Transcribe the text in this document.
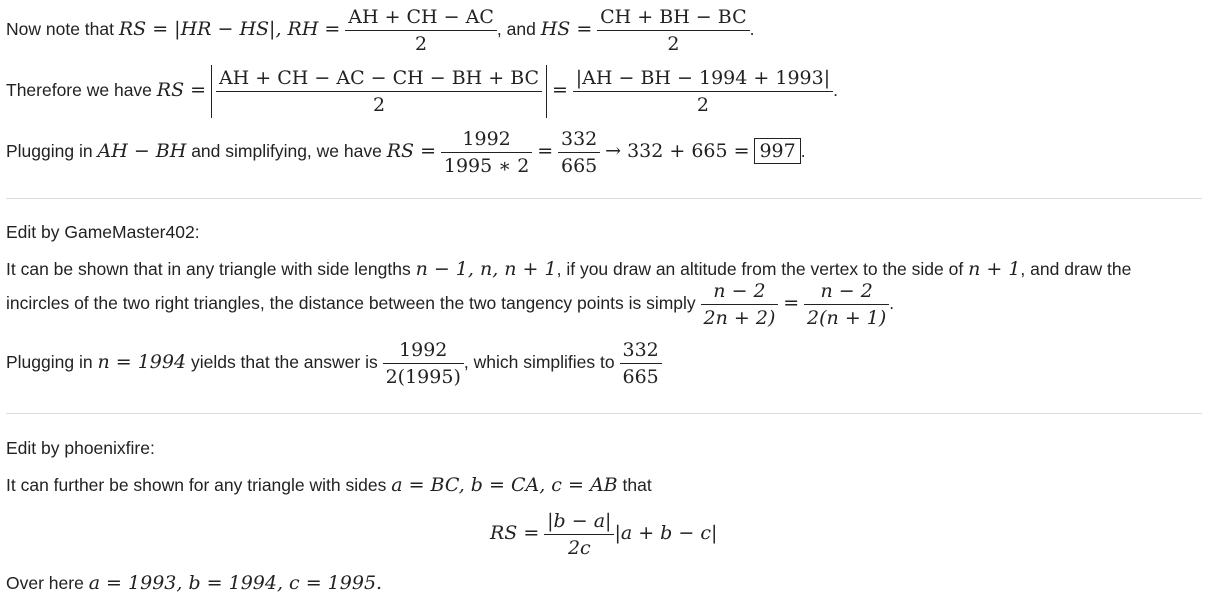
Now note that RS = |HR − HS|, RH = $\frac{AH + CH - AC}{2}$ , and HS = $\frac{CH + BH - BC}{2}$ .
Therefore we have RS = $\frac{AH + CH - AC - CH - BH + BC}{2} = \frac{|AH - BH - 1994 + 1993|}{2}$ .
Plugging in AH − BH and simplifying, we have RS = $\frac{1992}{1995 ∗ 2} = \frac{332}{665} \to 332 + 665 = 997$ .
Edit by GameMaster402:
It can be shown that in any triangle with side lengths n − 1, n, n + 1, if you draw an altitude from the vertex to the side of n + 1, and draw the
incircles of the two right triangles, the distance between the two tangency points is simply $\frac{n - 2}{2n + 2)} = \frac{n - 2}{2(n + 1)}$ .
Plugging in n = 1994 yields that the answer is $\frac{1992}{2(1995)}$ , which simplifies to $\frac{332}{665}$
Edit by phoenixfire:
It can further be shown for any triangle with sides a = BC, b = CA, c = AB that
RS = $\frac{|b - a|}{2c} |a + b - c|$
Over here a = 1993, b = 1994, c = 1995.
